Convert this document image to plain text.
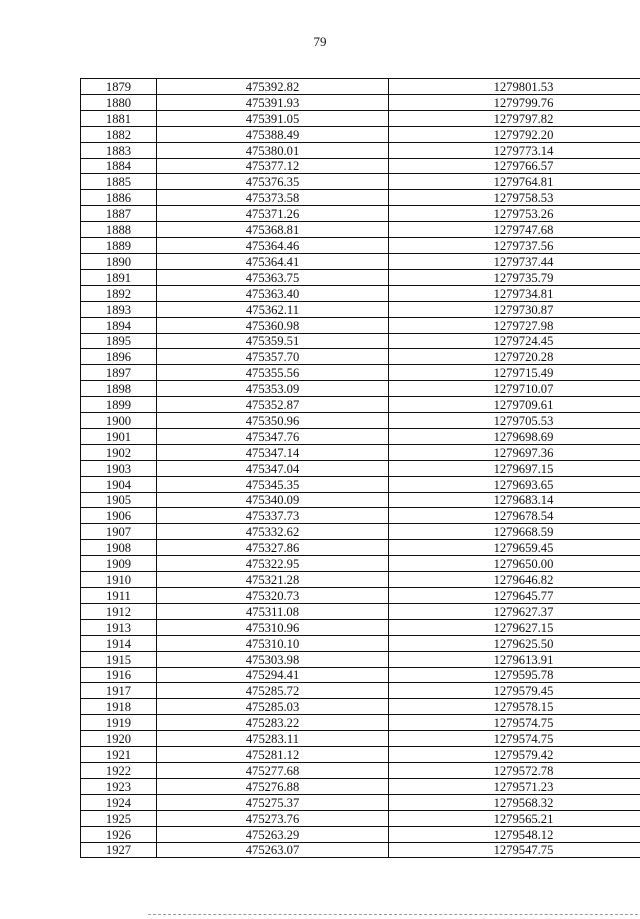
79
1879	475392.82	1279801.53
1880	475391.93	1279799.76
1881	475391.05	1279797.82
1882	475388.49	1279792.20
1883	475380.01	1279773.14
1884	475377.12	1279766.57
1885	475376.35	1279764.81
1886	475373.58	1279758.53
1887	475371.26	1279753.26
1888	475368.81	1279747.68
1889	475364.46	1279737.56
1890	475364.41	1279737.44
1891	475363.75	1279735.79
1892	475363.40	1279734.81
1893	475362.11	1279730.87
1894	475360.98	1279727.98
1895	475359.51	1279724.45
1896	475357.70	1279720.28
1897	475355.56	1279715.49
1898	475353.09	1279710.07
1899	475352.87	1279709.61
1900	475350.96	1279705.53
1901	475347.76	1279698.69
1902	475347.14	1279697.36
1903	475347.04	1279697.15
1904	475345.35	1279693.65
1905	475340.09	1279683.14
1906	475337.73	1279678.54
1907	475332.62	1279668.59
1908	475327.86	1279659.45
1909	475322.95	1279650.00
1910	475321.28	1279646.82
1911	475320.73	1279645.77
1912	475311.08	1279627.37
1913	475310.96	1279627.15
1914	475310.10	1279625.50
1915	475303.98	1279613.91
1916	475294.41	1279595.78
1917	475285.72	1279579.45
1918	475285.03	1279578.15
1919	475283.22	1279574.75
1920	475283.11	1279574.75
1921	475281.12	1279579.42
1922	475277.68	1279572.78
1923	475276.88	1279571.23
1924	475275.37	1279568.32
1925	475273.76	1279565.21
1926	475263.29	1279548.12
1927	475263.07	1279547.75
